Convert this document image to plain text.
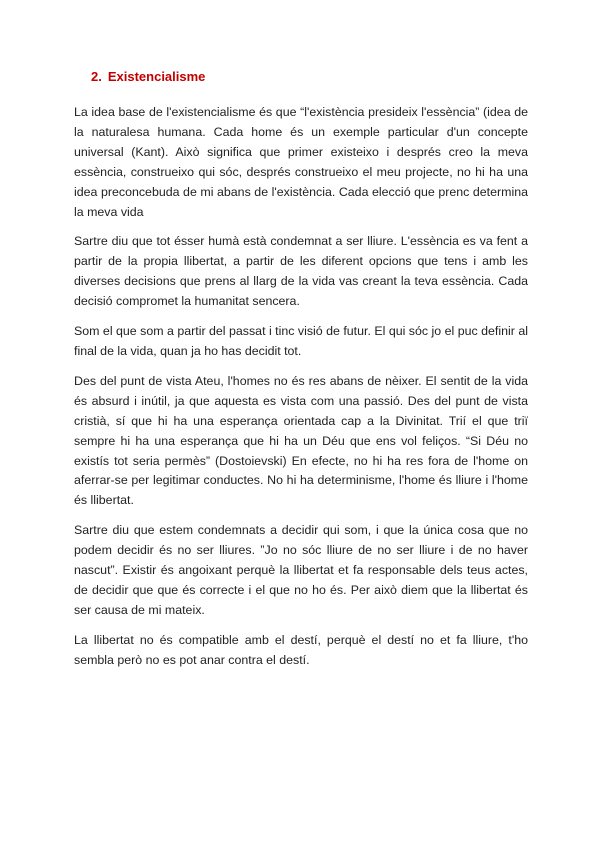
2. Existencialisme

La idea base de l'existencialisme és que “l'existència presideix l'essència” (idea de la naturalesa humana. Cada home és un exemple particular d'un concepte universal (Kant). Això significa que primer existeixo i després creo la meva essència, construeixo qui sóc, després construeixo el meu projecte, no hi ha una idea preconcebuda de mi abans de l'existència. Cada elecció que prenc determina la meva vida

Sartre diu que tot ésser humà està condemnat a ser lliure. L'essència es va fent a partir de la propia llibertat, a partir de les diferent opcions que tens i amb les diverses decisions que prens al llarg de la vida vas creant la teva essència. Cada decisió compromet la humanitat sencera.

Som el que som a partir del passat i tinc visió de futur. El qui sóc jo el puc definir al final de la vida, quan ja ho has decidit tot.

Des del punt de vista Ateu, l'homes no és res abans de nèixer. El sentit de la vida és absurd i inútil, ja que aquesta es vista com una passió. Des del punt de vista cristià, sí que hi ha una esperança orientada cap a la Divinitat. Trií el que triï sempre hi ha una esperança que hi ha un Déu que ens vol feliços. “Si Déu no existís tot seria permès” (Dostoievski) En efecte, no hi ha res fora de l'home on aferrar-se per legitimar conductes. No hi ha determinisme, l'home és lliure i l'home és llibertat.

Sartre diu que estem condemnats a decidir qui som, i que la única cosa que no podem decidir és no ser lliures. ”Jo no sóc lliure de no ser lliure i de no haver nascut”. Existir és angoixant perquè la llibertat et fa responsable dels teus actes, de decidir que que és correcte i el que no ho és. Per això diem que la llibertat és ser causa de mi mateix.

La llibertat no és compatible amb el destí, perquè el destí no et fa lliure, t'ho sembla però no es pot anar contra el destí.
